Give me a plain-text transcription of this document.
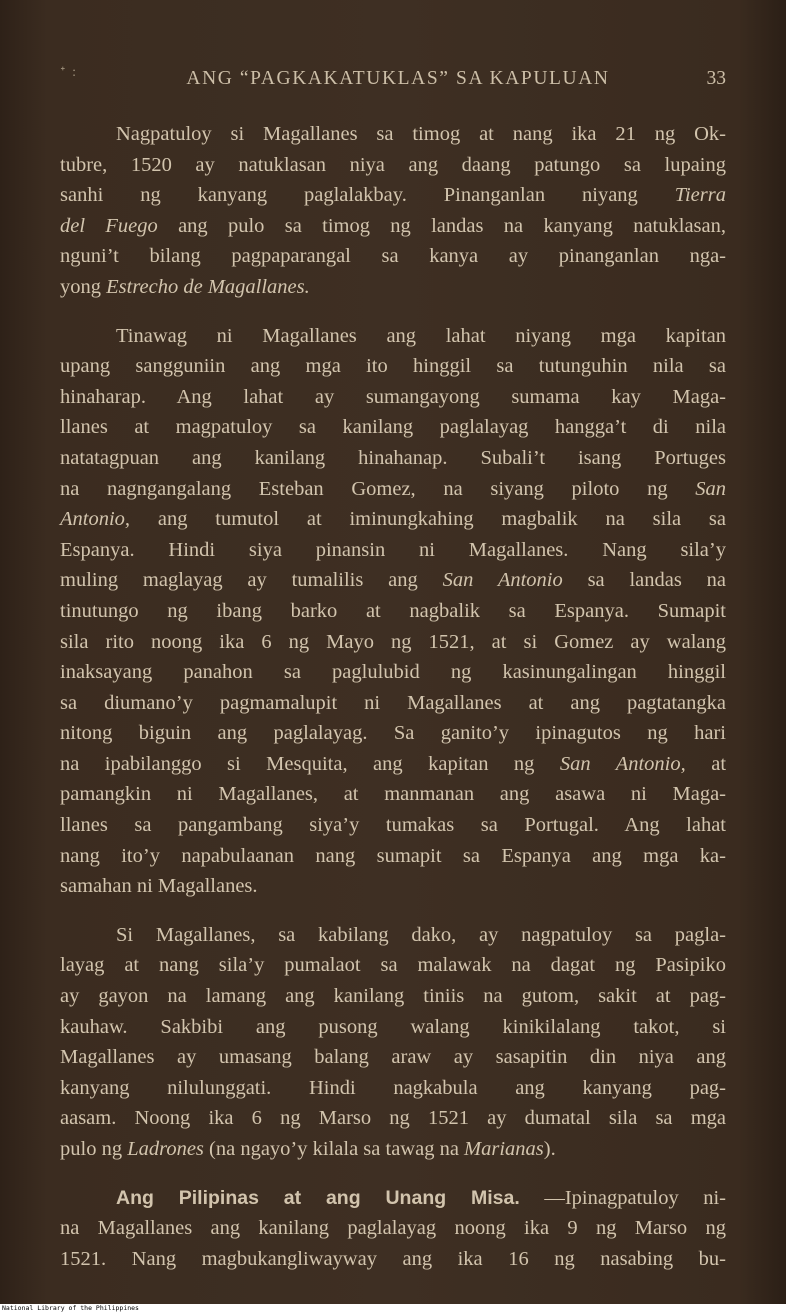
ᐩ :	ANG “PAGKAKATUKLAS” SA KAPULUAN	33
Nagpatuloy si Magallanes sa timog at nang ika 21 ng Ok-
tubre, 1520 ay natuklasan niya ang daang patungo sa lupaing
sanhi ng kanyang paglalakbay. Pinanganlan niyang Tierra
del Fuego ang pulo sa timog ng landas na kanyang natuklasan,
nguni’t bilang pagpaparangal sa kanya ay pinanganlan nga-
yong Estrecho de Magallanes.
Tinawag ni Magallanes ang lahat niyang mga kapitan
upang sangguniin ang mga ito hinggil sa tutunguhin nila sa
hinaharap. Ang lahat ay sumangayong sumama kay Maga-
llanes at magpatuloy sa kanilang paglalayag hangga’t di nila
natatagpuan ang kanilang hinahanap. Subali’t isang Portuges
na nagngangalang Esteban Gomez, na siyang piloto ng San
Antonio, ang tumutol at iminungkahing magbalik na sila sa
Espanya. Hindi siya pinansin ni Magallanes. Nang sila’y
muling maglayag ay tumalilis ang San Antonio sa landas na
tinutungo ng ibang barko at nagbalik sa Espanya. Sumapit
sila rito noong ika 6 ng Mayo ng 1521, at si Gomez ay walang
inaksayang panahon sa paglulubid ng kasinungalingan hinggil
sa diumano’y pagmamalupit ni Magallanes at ang pagtatangka
nitong biguin ang paglalayag. Sa ganito’y ipinagutos ng hari
na ipabilanggo si Mesquita, ang kapitan ng San Antonio, at
pamangkin ni Magallanes, at manmanan ang asawa ni Maga-
llanes sa pangambang siya’y tumakas sa Portugal. Ang lahat
nang ito’y napabulaanan nang sumapit sa Espanya ang mga ka-
samahan ni Magallanes.
Si Magallanes, sa kabilang dako, ay nagpatuloy sa pagla-
layag at nang sila’y pumalaot sa malawak na dagat ng Pasipiko
ay gayon na lamang ang kanilang tiniis na gutom, sakit at pag-
kauhaw. Sakbibi ang pusong walang kinikilalang takot, si
Magallanes ay umasang balang araw ay sasapitin din niya ang
kanyang nilulunggati. Hindi nagkabula ang kanyang pag-
aasam. Noong ika 6 ng Marso ng 1521 ay dumatal sila sa mga
pulo ng Ladrones (na ngayo’y kilala sa tawag na Marianas).
Ang Pilipinas at ang Unang Misa. —Ipinagpatuloy ni-
na Magallanes ang kanilang paglalayag noong ika 9 ng Marso ng
1521. Nang magbukangliwayway ang ika 16 ng nasabing bu-
National Library of the Philippines
